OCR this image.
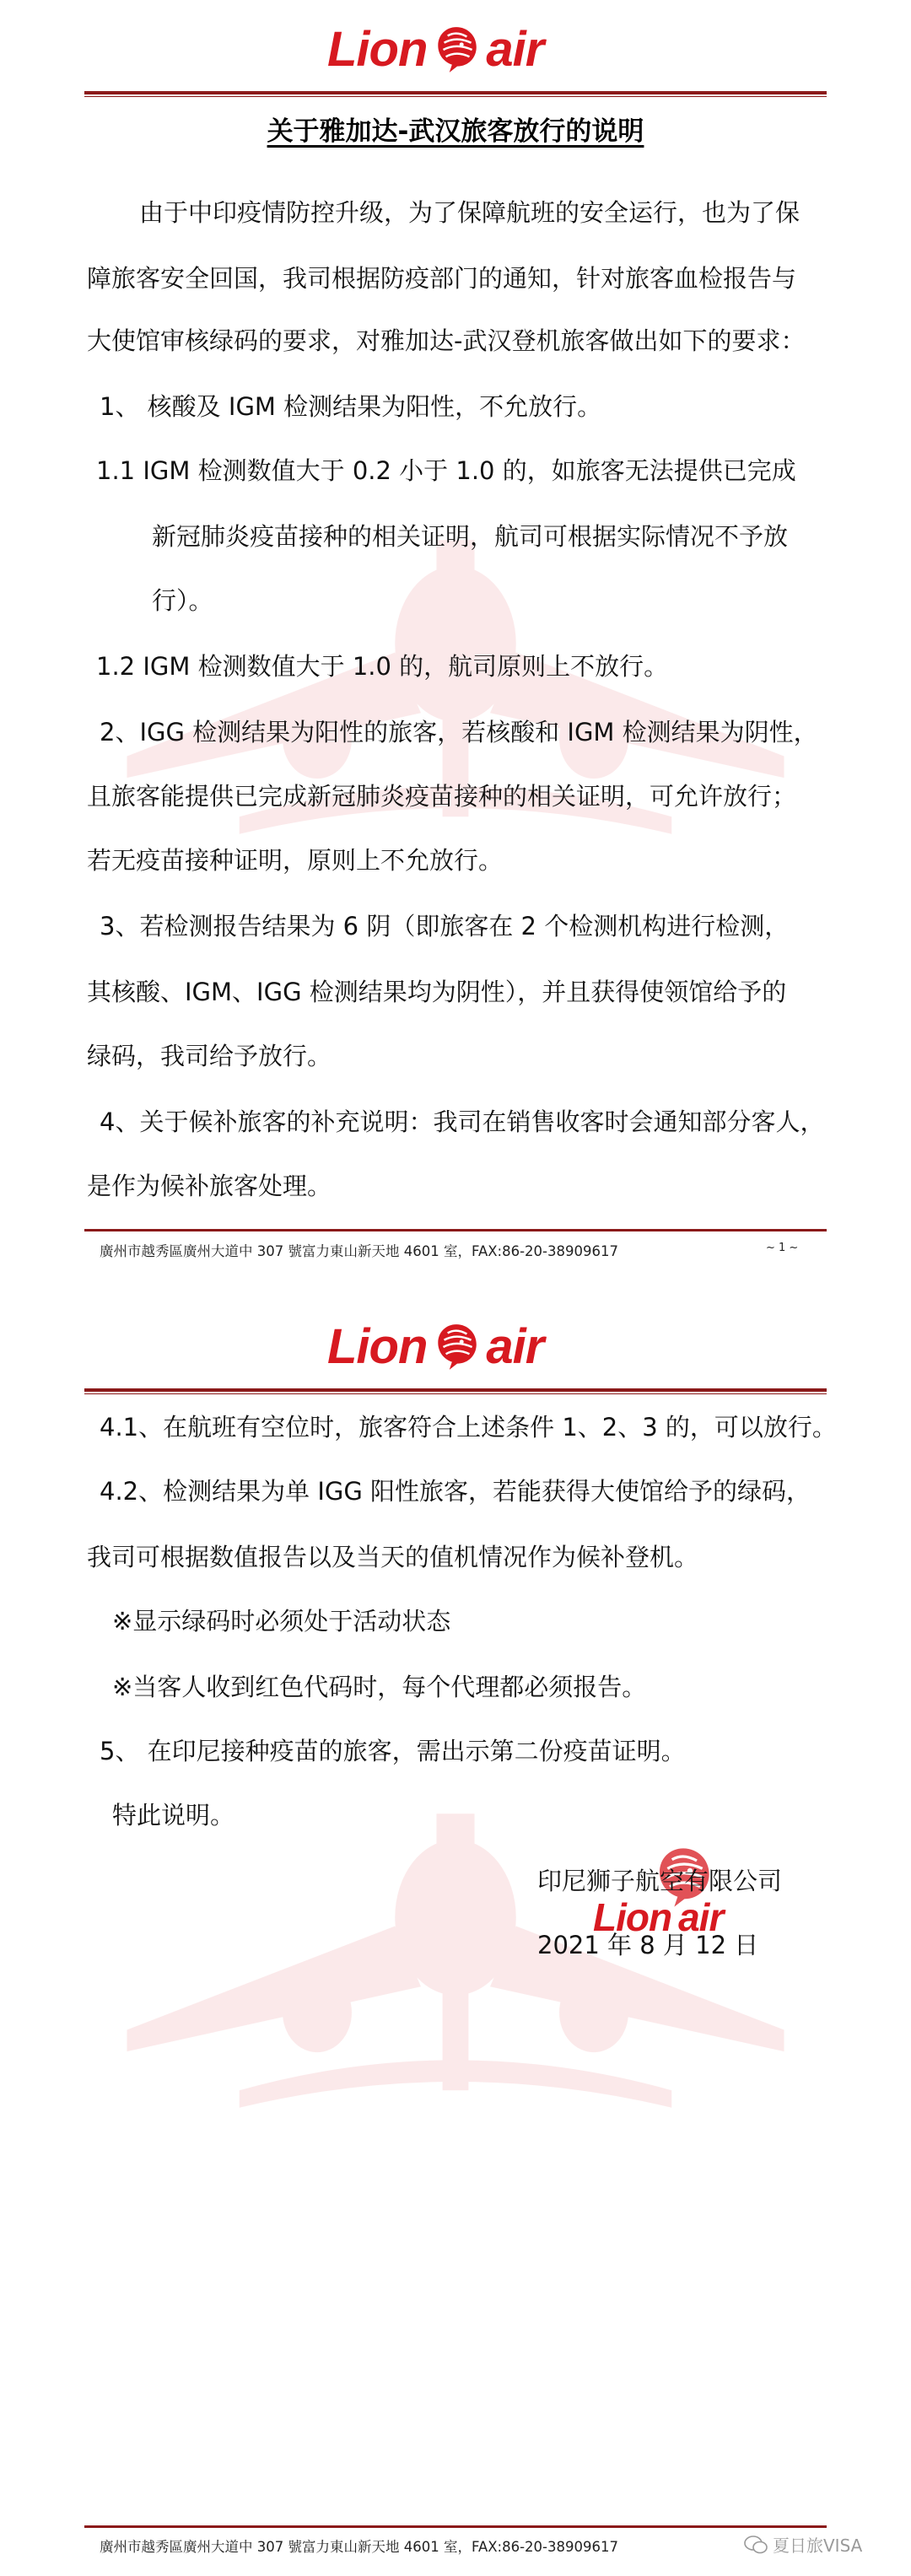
Lion air
关于雅加达-武汉旅客放行的说明
由于中印疫情防控升级，为了保障航班的安全运行，也为了保
障旅客安全回国，我司根据防疫部门的通知，针对旅客血检报告与
大使馆审核绿码的要求，对雅加达-武汉登机旅客做出如下的要求：
1、 核酸及 IGM 检测结果为阳性，不允放行。
1.1 IGM 检测数值大于 0.2 小于 1.0 的，如旅客无法提供已完成
新冠肺炎疫苗接种的相关证明，航司可根据实际情况不予放
行）。
1.2 IGM 检测数值大于 1.0 的，航司原则上不放行。
2、IGG 检测结果为阳性的旅客，若核酸和 IGM 检测结果为阴性，
且旅客能提供已完成新冠肺炎疫苗接种的相关证明，可允许放行；
若无疫苗接种证明，原则上不允放行。
3、若检测报告结果为 6 阴（即旅客在 2 个检测机构进行检测，
其核酸、IGM、IGG 检测结果均为阴性），并且获得使领馆给予的
绿码，我司给予放行。
4、关于候补旅客的补充说明：我司在销售收客时会通知部分客人，
是作为候补旅客处理。
廣州市越秀區廣州大道中 307 號富力東山新天地 4601 室，FAX:86-20-38909617	~ 1 ~
Lion air
4.1、在航班有空位时，旅客符合上述条件 1、2、3 的，可以放行。
4.2、检测结果为单 IGG 阳性旅客，若能获得大使馆给予的绿码，
我司可根据数值报告以及当天的值机情况作为候补登机。
※显示绿码时必须处于活动状态
※当客人收到红色代码时，每个代理都必须报告。
5、 在印尼接种疫苗的旅客，需出示第二份疫苗证明。
特此说明。
印尼狮子航空有限公司
Lion air
2021 年 8 月 12 日
廣州市越秀區廣州大道中 307 號富力東山新天地 4601 室，FAX:86-20-38909617	夏日旅VISA
